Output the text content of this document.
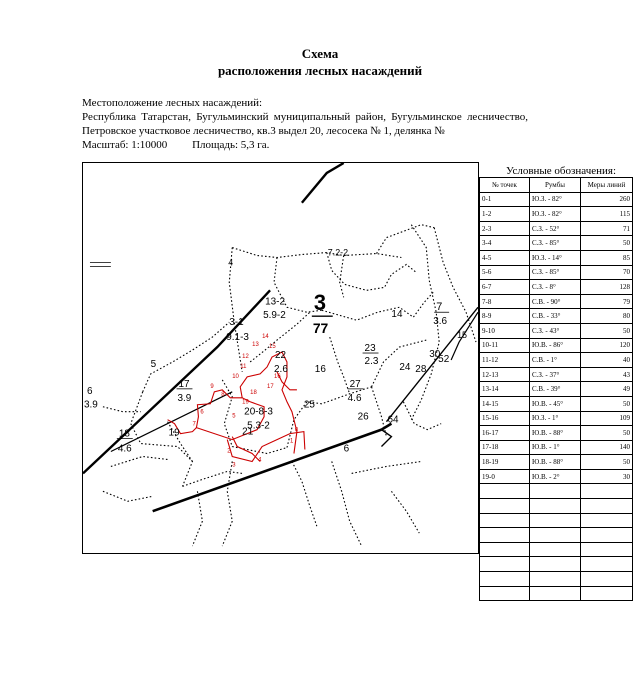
Схема
расположения лесных насаждений
Местоположение лесных насаждений:
Республика Татарстан, Бугульминский муниципальный район, Бугульминское лесничество, Петровское участковое лесничество, кв.3 выдел 20, лесосека № 1, делянка №
Масштаб: 1:10000 Площадь: 5,3 га.
7.2-2
4
13-2
5.9-2
3-1
9.1-3
3
77
7
3.6
14
30
15
22
2.6
23
2.3
24 28
52
5	16
17
3.9
6
3.9
20-8-3
5.3-2
27
4.6
25
18
4.6
19	21
26 64
6
0
1
2
3
4
5
6
7
8
9
10
11
12
13
14
15
16
17
18
19
Условные обозначения:
№ точек	Румбы	Меры линий
0-1	Ю.З. - 82°	260
1-2	Ю.З. - 82°	115
2-3	С.З. - 52°	71
3-4	С.З. - 85°	50
4-5	Ю.З. - 14°	85
5-6	С.З. - 85°	70
6-7	С.З. - 8°	128
7-8	С.В. - 90°	79
8-9	С.В. - 33°	80
9-10	С.З. - 43°	50
10-11	Ю.В. - 86°	120
11-12	С.В. - 1°	40
12-13	С.З. - 37°	43
13-14	С.В. - 39°	49
14-15	Ю.В. - 45°	50
15-16	Ю.З. - 1°	109
16-17	Ю.В. - 88°	50
17-18	Ю.В. - 1°	140
18-19	Ю.В. - 88°	50
19-0	Ю.В. - 2°	30
